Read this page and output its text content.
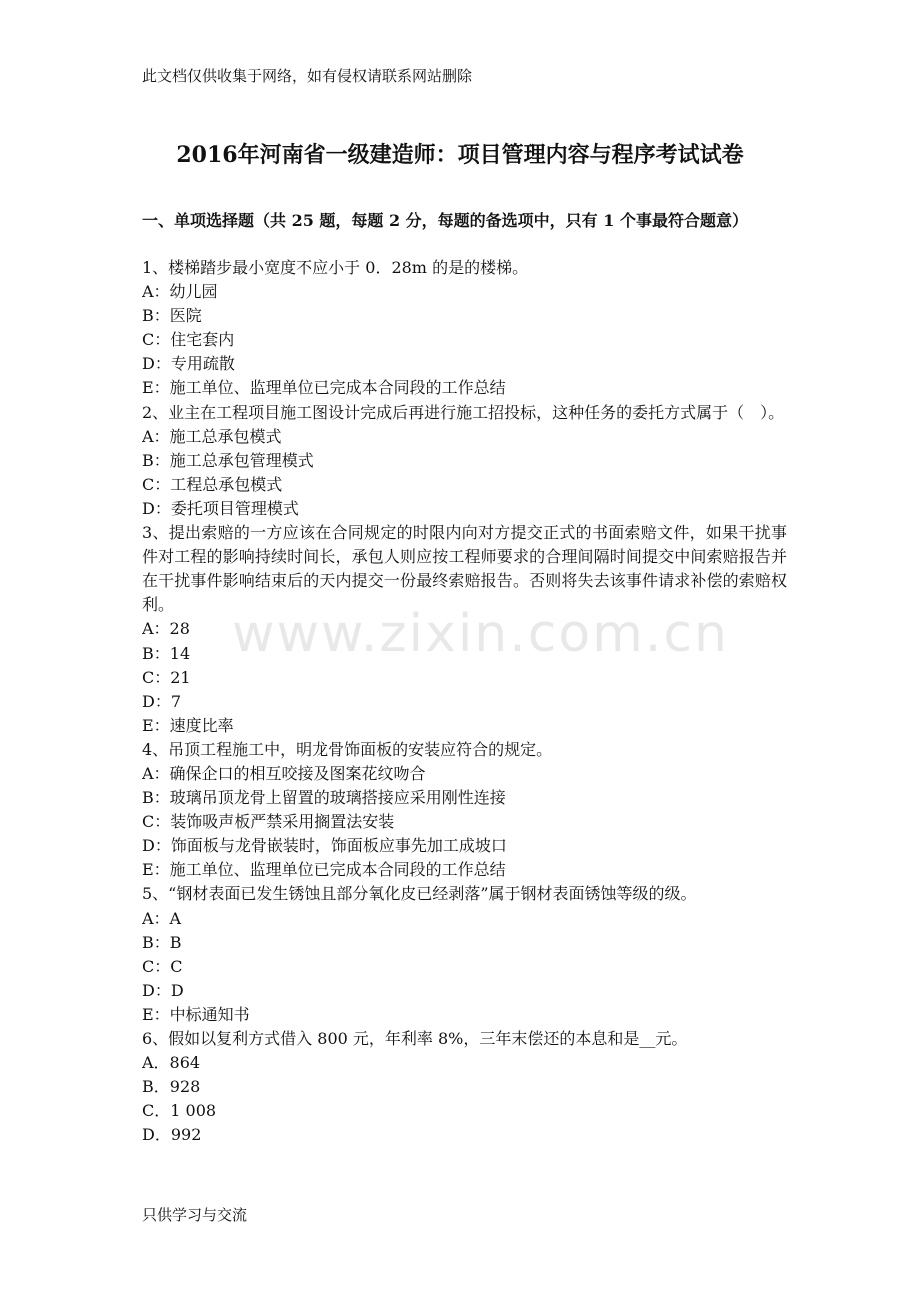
此文档仅供收集于网络，如有侵权请联系网站删除
2016年河南省一级建造师：项目管理内容与程序考试试卷
一、单项选择题（共 25 题，每题 2 分，每题的备选项中，只有 1 个事最符合题意）
1、楼梯踏步最小宽度不应小于 0．28m 的是的楼梯。
A：幼儿园
B：医院
C：住宅套内
D：专用疏散
E：施工单位、监理单位已完成本合同段的工作总结
2、业主在工程项目施工图设计完成后再进行施工招投标，这种任务的委托方式属于（　）。
A：施工总承包模式
B：施工总承包管理模式
C：工程总承包模式
D：委托项目管理模式
3、提出索赔的一方应该在合同规定的时限内向对方提交正式的书面索赔文件，如果干扰事件对工程的影响持续时间长，承包人则应按工程师要求的合理间隔时间提交中间索赔报告并在干扰事件影响结束后的天内提交一份最终索赔报告。否则将失去该事件请求补偿的索赔权利。
A：28
B：14
C：21
D：7
E：速度比率
4、吊顶工程施工中，明龙骨饰面板的安装应符合的规定。
A：确保企口的相互咬接及图案花纹吻合
B：玻璃吊顶龙骨上留置的玻璃搭接应采用刚性连接
C：装饰吸声板严禁采用搁置法安装
D：饰面板与龙骨嵌装时，饰面板应事先加工成坡口
E：施工单位、监理单位已完成本合同段的工作总结
5、“钢材表面已发生锈蚀且部分氧化皮已经剥落”属于钢材表面锈蚀等级的级。
A：A
B：B
C：C
D：D
E：中标通知书
6、假如以复利方式借入 800 元，年利率 8%，三年末偿还的本息和是__元。
A．864
B．928
C．1 008
D．992
www.zixin.com.cn
只供学习与交流
